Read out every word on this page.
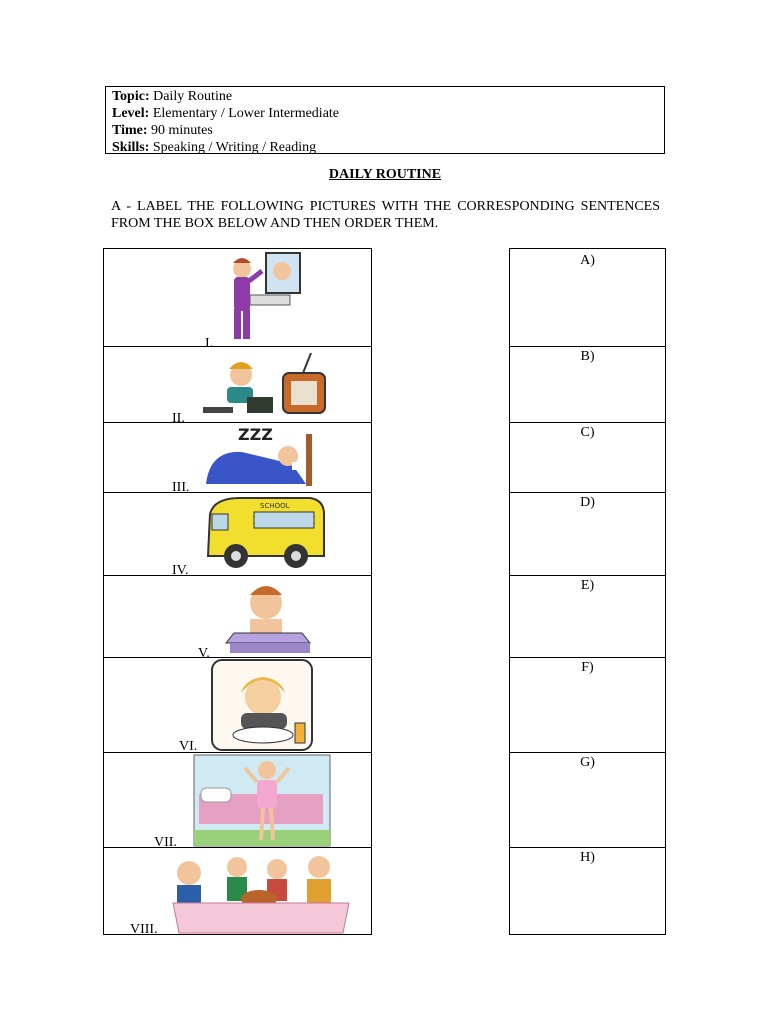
Topic: Daily Routine
Level: Elementary / Lower Intermediate
Time: 90 minutes
Skills: Speaking / Writing / Reading
DAILY ROUTINE
A - LABEL THE FOLLOWING PICTURES WITH THE CORRESPONDING SENTENCES FROM THE BOX BELOW AND THEN ORDER THEM.
I.
II.
ZZZ
III.
SCHOOL
IV.
V.
VI.
VII.
VIII.
A)
B)
C)
D)
E)
F)
G)
H)
